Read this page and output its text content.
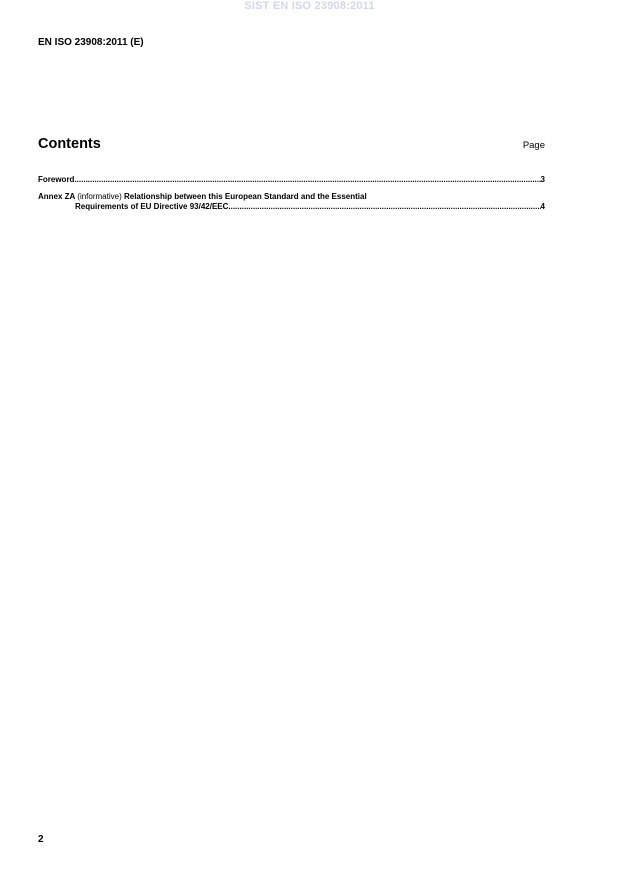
SIST EN ISO 23908:2011
EN ISO 23908:2011 (E)
Contents	Page
Foreword .....	3
Annex ZA (informative) Relationship between this European Standard and the Essential
Requirements of EU Directive 93/42/EEC .....	4
2
